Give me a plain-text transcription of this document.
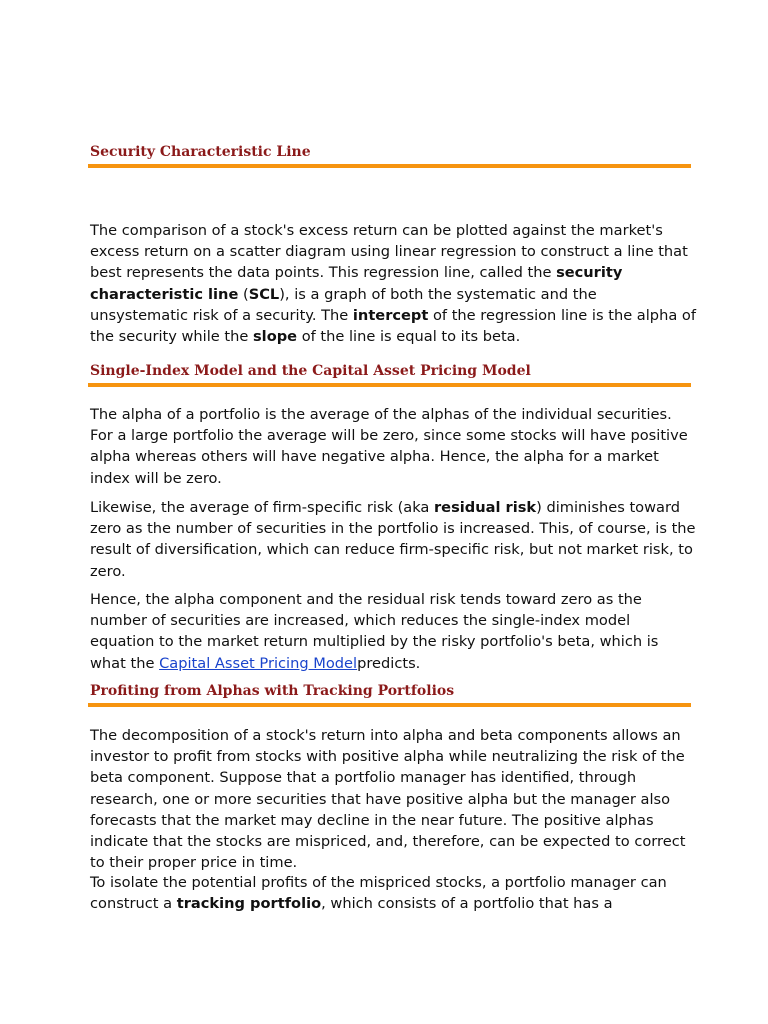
Security Characteristic Line

The comparison of a stock's excess return can be plotted against the market's excess return on a scatter diagram using linear regression to construct a line that best represents the data points. This regression line, called the security characteristic line (SCL), is a graph of both the systematic and the unsystematic risk of a security. The intercept of the regression line is the alpha of the security while the slope of the line is equal to its beta.

Single-Index Model and the Capital Asset Pricing Model

The alpha of a portfolio is the average of the alphas of the individual securities. For a large portfolio the average will be zero, since some stocks will have positive alpha whereas others will have negative alpha. Hence, the alpha for a market index will be zero.

Likewise, the average of firm-specific risk (aka residual risk) diminishes toward zero as the number of securities in the portfolio is increased. This, of course, is the result of diversification, which can reduce firm-specific risk, but not market risk, to zero.

Hence, the alpha component and the residual risk tends toward zero as the number of securities are increased, which reduces the single-index model equation to the market return multiplied by the risky portfolio's beta, which is what the Capital Asset Pricing Modelpredicts.

Profiting from Alphas with Tracking Portfolios

The decomposition of a stock's return into alpha and beta components allows an investor to profit from stocks with positive alpha while neutralizing the risk of the beta component. Suppose that a portfolio manager has identified, through research, one or more securities that have positive alpha but the manager also forecasts that the market may decline in the near future. The positive alphas indicate that the stocks are mispriced, and, therefore, can be expected to correct to their proper price in time.

To isolate the potential profits of the mispriced stocks, a portfolio manager can construct a tracking portfolio, which consists of a portfolio that has a
